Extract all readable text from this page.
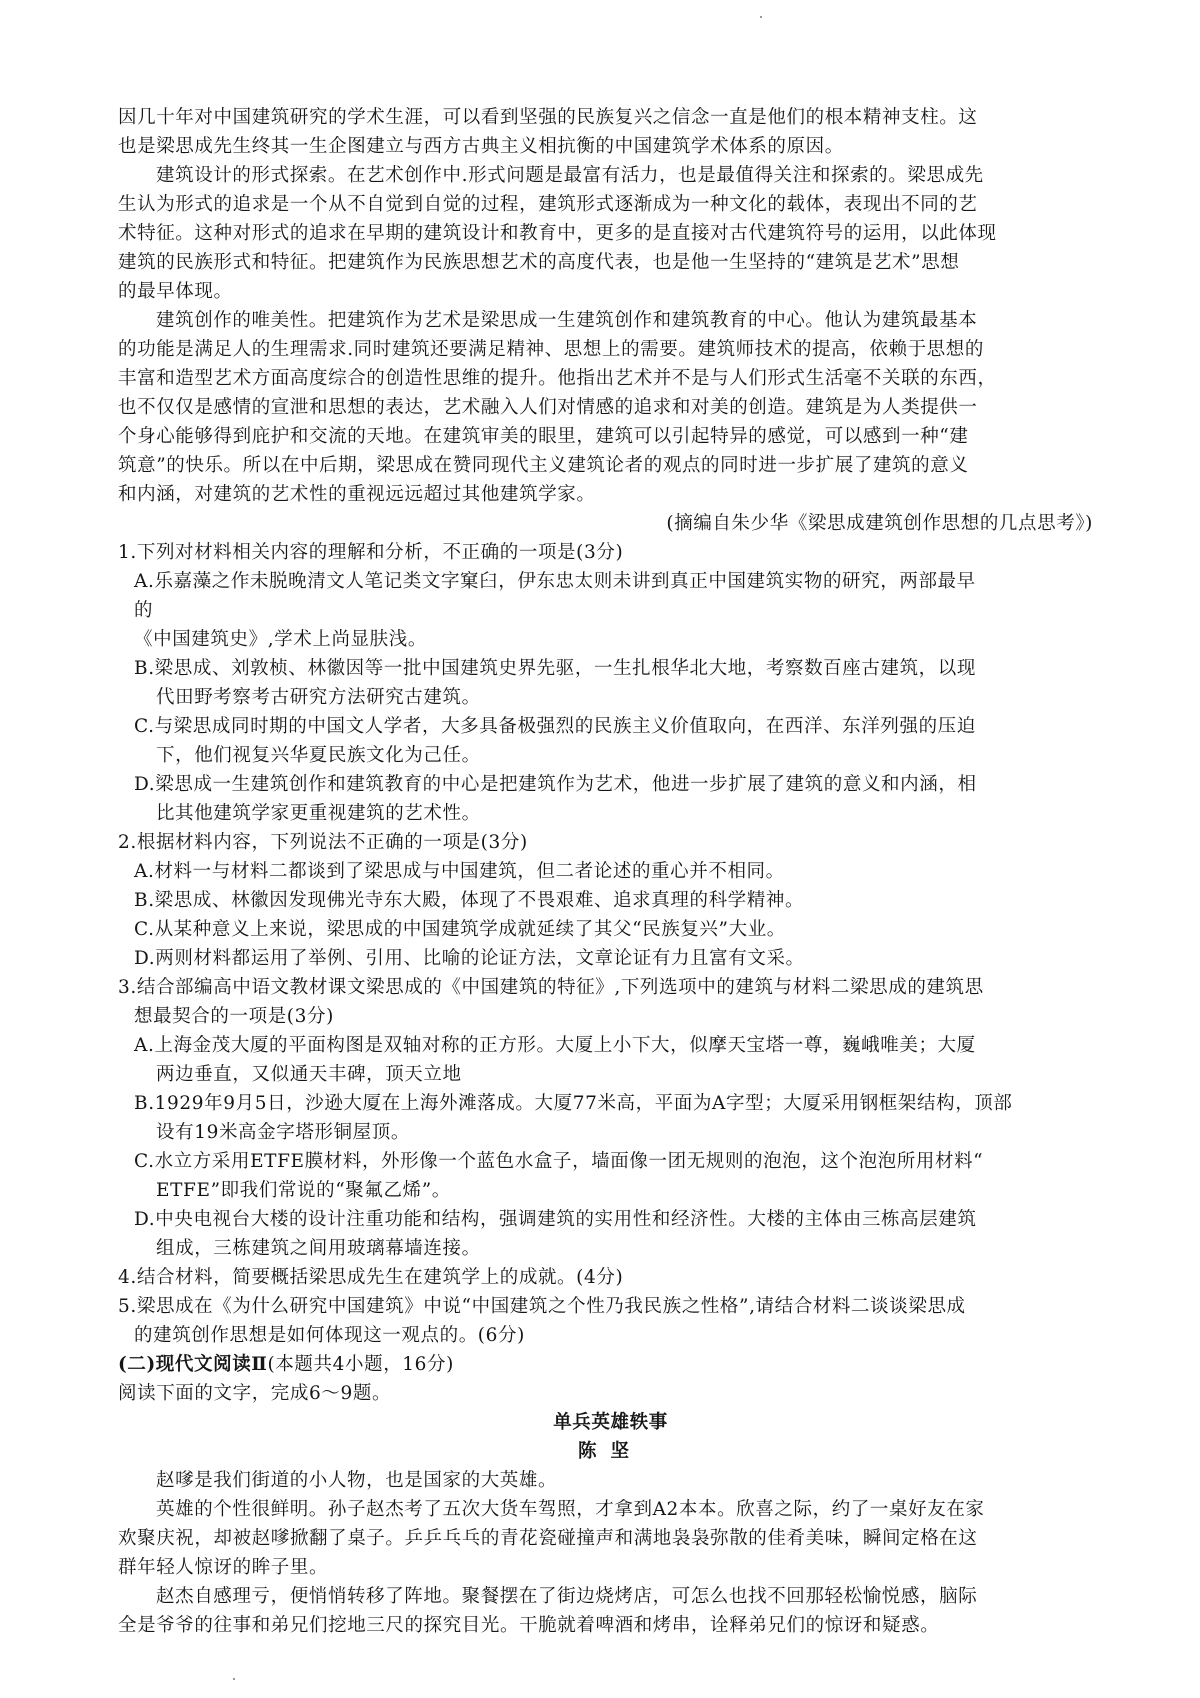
因几十年对中国建筑研究的学术生涯，可以看到坚强的民族复兴之信念一直是他们的根本精神支柱。这
也是梁思成先生终其一生企图建立与西方古典主义相抗衡的中国建筑学术体系的原因。
建筑设计的形式探索。在艺术创作中.形式问题是最富有活力，也是最值得关注和探索的。梁思成先
生认为形式的追求是一个从不自觉到自觉的过程，建筑形式逐渐成为一种文化的载体，表现出不同的艺
术特征。这种对形式的追求在早期的建筑设计和教育中，更多的是直接对古代建筑符号的运用，以此体现
建筑的民族形式和特征。把建筑作为民族思想艺术的高度代表，也是他一生坚持的“建筑是艺术”思想
的最早体现。
建筑创作的唯美性。把建筑作为艺术是梁思成一生建筑创作和建筑教育的中心。他认为建筑最基本
的功能是满足人的生理需求.同时建筑还要满足精神、思想上的需要。建筑师技术的提高，依赖于思想的
丰富和造型艺术方面高度综合的创造性思维的提升。他指出艺术并不是与人们形式生活毫不关联的东西，
也不仅仅是感情的宣泄和思想的表达，艺术融入人们对情感的追求和对美的创造。建筑是为人类提供一
个身心能够得到庇护和交流的天地。在建筑审美的眼里，建筑可以引起特异的感觉，可以感到一种“建
筑意”的快乐。所以在中后期，梁思成在赞同现代主义建筑论者的观点的同时进一步扩展了建筑的意义
和内涵，对建筑的艺术性的重视远远超过其他建筑学家。
(摘编自朱少华《梁思成建筑创作思想的几点思考》)
1.下列对材料相关内容的理解和分析，不正确的一项是(3分)
A.乐嘉藻之作未脱晚清文人笔记类文字窠臼，伊东忠太则未讲到真正中国建筑实物的研究，两部最早
的
《中国建筑史》,学术上尚显肤浅。
B.梁思成、刘敦桢、林徽因等一批中国建筑史界先驱，一生扎根华北大地，考察数百座古建筑，以现
代田野考察考古研究方法研究古建筑。
C.与梁思成同时期的中国文人学者，大多具备极强烈的民族主义价值取向，在西洋、东洋列强的压迫
下，他们视复兴华夏民族文化为己任。
D.梁思成一生建筑创作和建筑教育的中心是把建筑作为艺术，他进一步扩展了建筑的意义和内涵，相
比其他建筑学家更重视建筑的艺术性。
2.根据材料内容，下列说法不正确的一项是(3分)
A.材料一与材料二都谈到了梁思成与中国建筑，但二者论述的重心并不相同。
B.梁思成、林徽因发现佛光寺东大殿，体现了不畏艰难、追求真理的科学精神。
C.从某种意义上来说，梁思成的中国建筑学成就延续了其父“民族复兴”大业。
D.两则材料都运用了举例、引用、比喻的论证方法，文章论证有力且富有文采。
3.结合部编高中语文教材课文梁思成的《中国建筑的特征》,下列选项中的建筑与材料二梁思成的建筑思
想最契合的一项是(3分)
A.上海金茂大厦的平面构图是双轴对称的正方形。大厦上小下大，似摩天宝塔一尊，巍峨唯美；大厦
两边垂直，又似通天丰碑，顶天立地
B.1929年9月5日，沙逊大厦在上海外滩落成。大厦77米高，平面为A字型；大厦采用钢框架结构，顶部
设有19米高金字塔形铜屋顶。
C.水立方采用ETFE膜材料，外形像一个蓝色水盒子，墙面像一团无规则的泡泡，这个泡泡所用材料“
ETFE”即我们常说的“聚氟乙烯”。
D.中央电视台大楼的设计注重功能和结构，强调建筑的实用性和经济性。大楼的主体由三栋高层建筑
组成，三栋建筑之间用玻璃幕墙连接。
4.结合材料，简要概括梁思成先生在建筑学上的成就。(4分)
5.梁思成在《为什么研究中国建筑》中说“中国建筑之个性乃我民族之性格”,请结合材料二谈谈梁思成
的建筑创作思想是如何体现这一观点的。(6分)
(二)现代文阅读Ⅱ(本题共4小题，16分)
阅读下面的文字，完成6～9题。
单兵英雄轶事
陈坚
赵嗲是我们街道的小人物，也是国家的大英雄。
英雄的个性很鲜明。孙子赵杰考了五次大货车驾照，才拿到A2本本。欣喜之际，约了一桌好友在家
欢聚庆祝，却被赵嗲掀翻了桌子。乒乒乓乓的青花瓷碰撞声和满地袅袅弥散的佳肴美味，瞬间定格在这
群年轻人惊讶的眸子里。
赵杰自感理亏，便悄悄转移了阵地。聚餐摆在了街边烧烤店，可怎么也找不回那轻松愉悦感，脑际
全是爷爷的往事和弟兄们挖地三尺的探究目光。干脆就着啤酒和烤串，诠释弟兄们的惊讶和疑惑。
